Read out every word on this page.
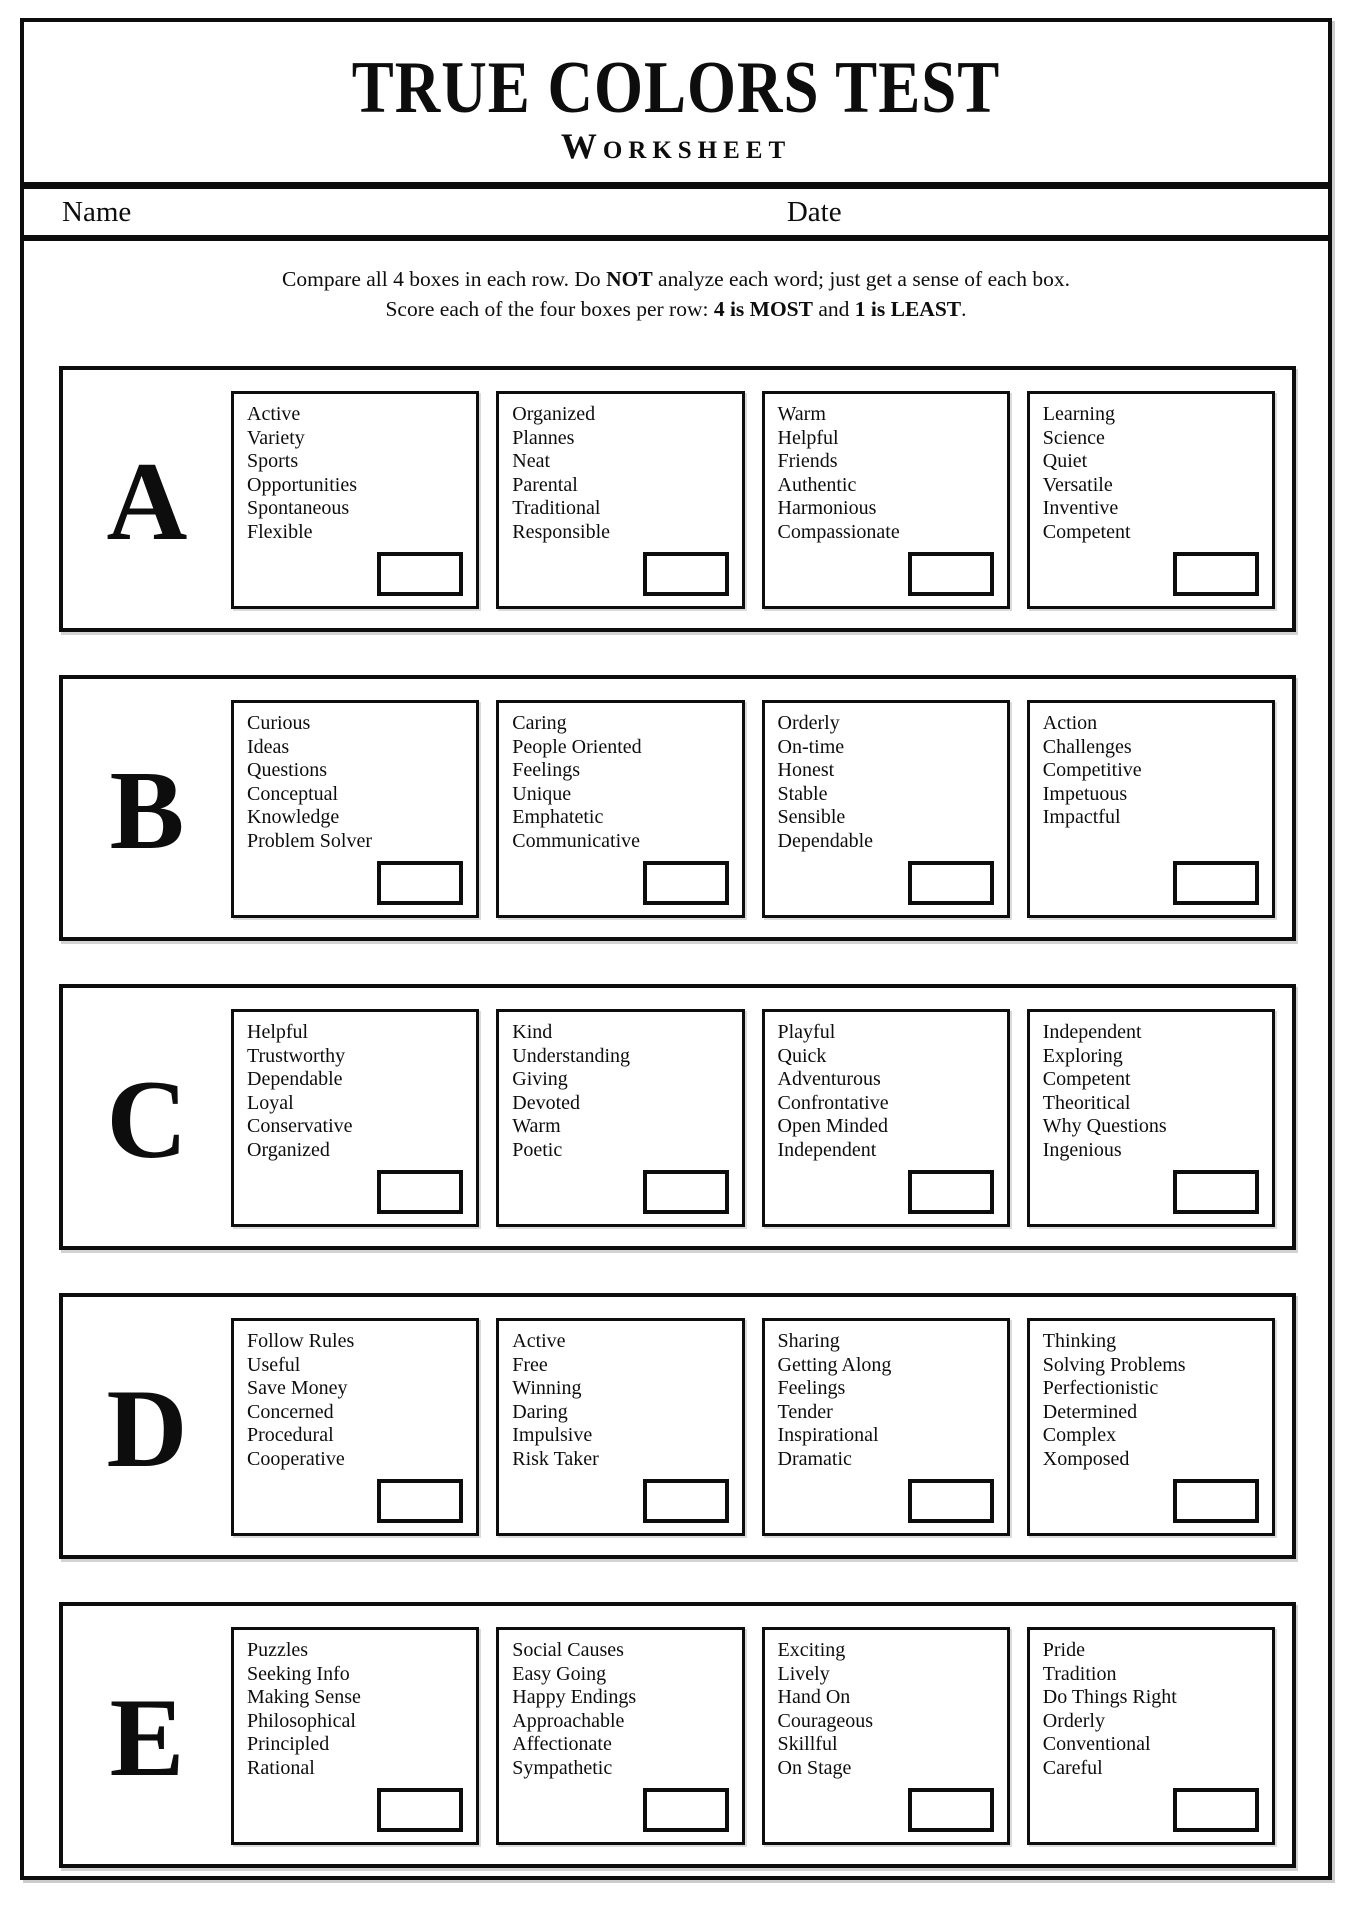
TRUE COLORS TEST
Worksheet
Name	Date
Compare all 4 boxes in each row. Do NOT analyze each word; just get a sense of each box.
Score each of the four boxes per row: 4 is MOST and 1 is LEAST.
A
Active
Variety
Sports
Opportunities
Spontaneous
Flexible
Organized
Plannes
Neat
Parental
Traditional
Responsible
Warm
Helpful
Friends
Authentic
Harmonious
Compassionate
Learning
Science
Quiet
Versatile
Inventive
Competent
B
Curious
Ideas
Questions
Conceptual
Knowledge
Problem Solver
Caring
People Oriented
Feelings
Unique
Emphatetic
Communicative
Orderly
On-time
Honest
Stable
Sensible
Dependable
Action
Challenges
Competitive
Impetuous
Impactful
C
Helpful
Trustworthy
Dependable
Loyal
Conservative
Organized
Kind
Understanding
Giving
Devoted
Warm
Poetic
Playful
Quick
Adventurous
Confrontative
Open Minded
Independent
Independent
Exploring
Competent
Theoritical
Why Questions
Ingenious
D
Follow Rules
Useful
Save Money
Concerned
Procedural
Cooperative
Active
Free
Winning
Daring
Impulsive
Risk Taker
Sharing
Getting Along
Feelings
Tender
Inspirational
Dramatic
Thinking
Solving Problems
Perfectionistic
Determined
Complex
Xomposed
E
Puzzles
Seeking Info
Making Sense
Philosophical
Principled
Rational
Social Causes
Easy Going
Happy Endings
Approachable
Affectionate
Sympathetic
Exciting
Lively
Hand On
Courageous
Skillful
On Stage
Pride
Tradition
Do Things Right
Orderly
Conventional
Careful
